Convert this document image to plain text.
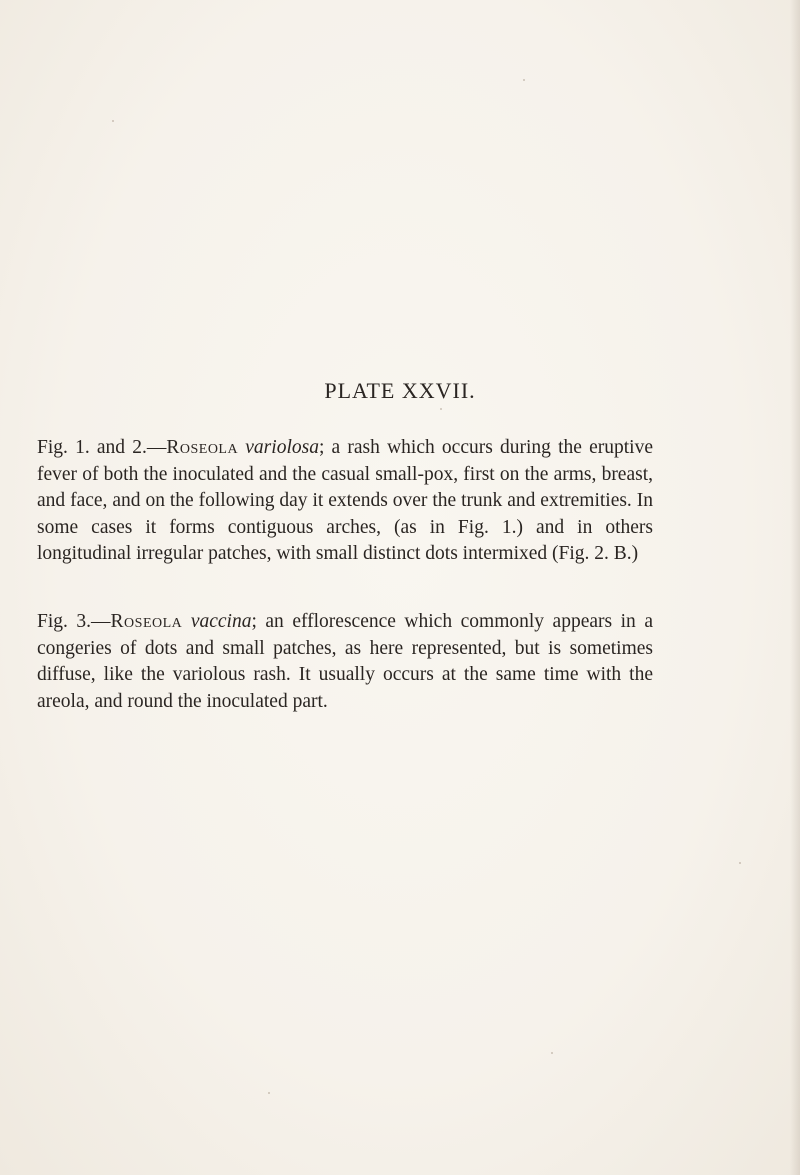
PLATE XXVII.

Fig. 1. and 2.—Roseola variolosa; a rash which occurs during the eruptive fever of both the inoculated and the casual small-pox, first on the arms, breast, and face, and on the following day it extends over the trunk and extremities. In some cases it forms contiguous arches, (as in Fig. 1.) and in others longitudinal irregular patches, with small distinct dots intermixed (Fig. 2. B.)

Fig. 3.—Roseola vaccina; an efflorescence which commonly appears in a congeries of dots and small patches, as here represented, but is sometimes diffuse, like the variolous rash. It usually occurs at the same time with the areola, and round the inoculated part.
